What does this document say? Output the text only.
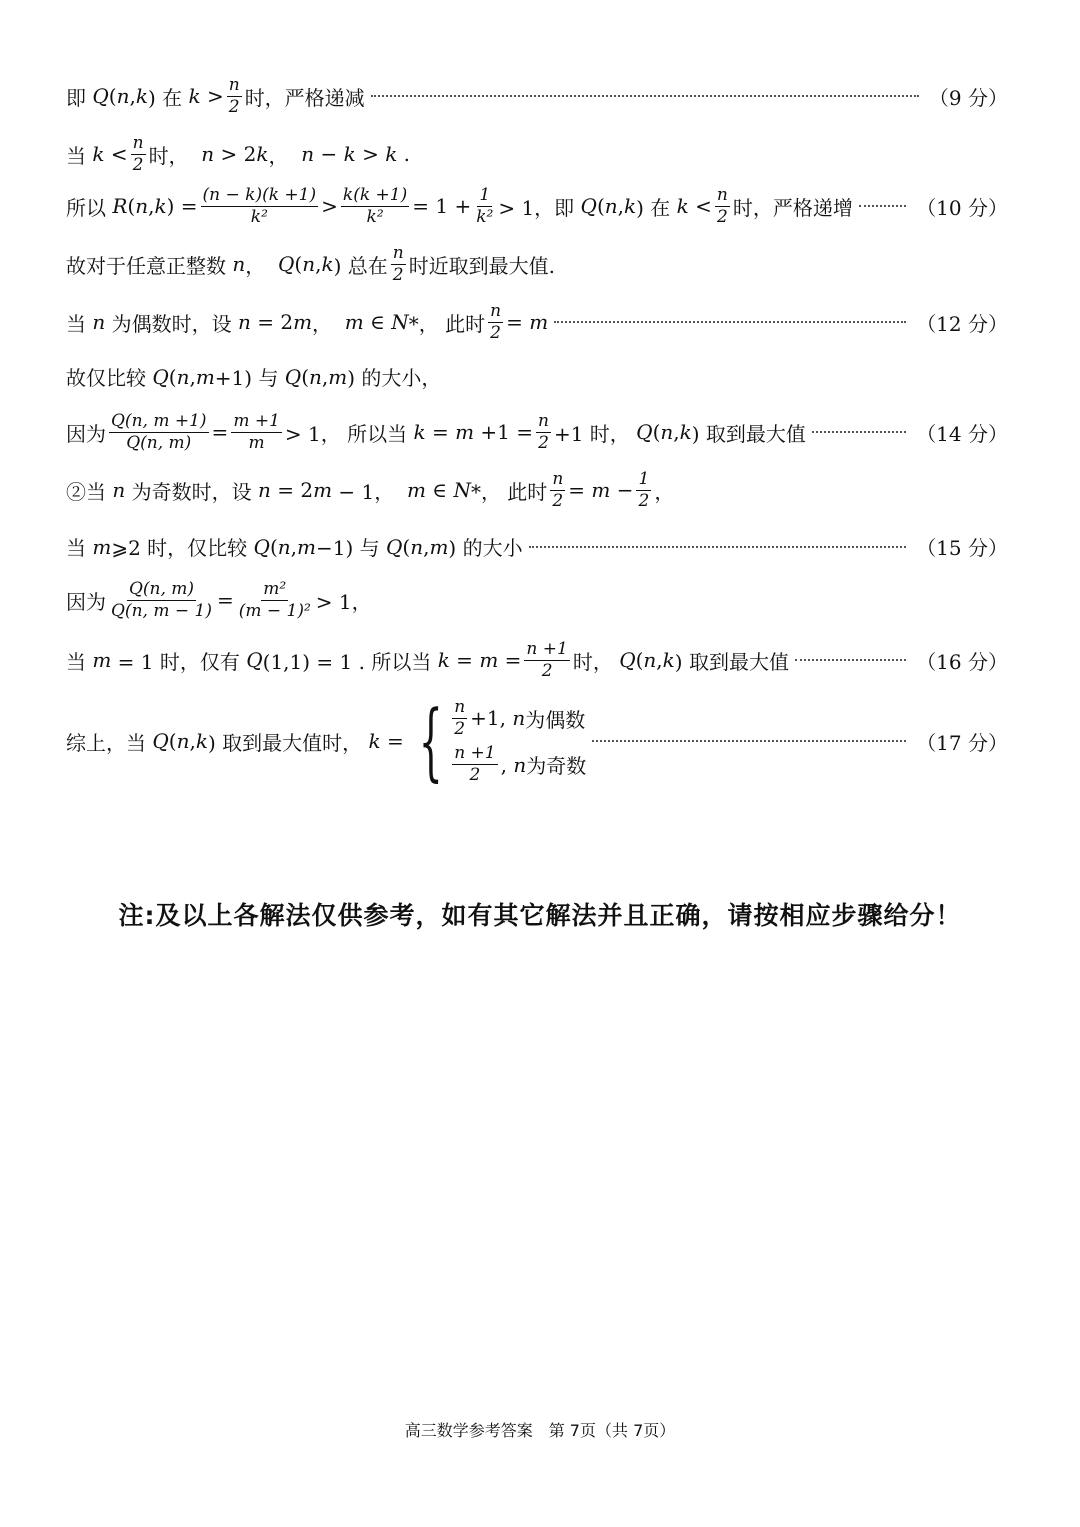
即 Q ( n , k ) 在 $k > \frac{n}{2}$ 时，严格递减	（9 分）
当 $k < \frac{n}{2}$ 时， n > 2 k ， n − k > k .
所以 R ( n , k ) = $\frac{(n - k)(k +1)}{\text{k²}} > \frac{k(k +1)}{\text{k²}} = 1 + \frac{1}{\text{k²}} > 1$，即 Q ( n , k ) 在 $k < \frac{n}{2}$ 时，严格递增	（10 分）
故对于任意正整数 n ， Q ( n , k ) 总在 $\frac{n}{2}$ 时近取到最大值.
当 n 为偶数时，设 n = 2 m ， m ∈ N *， 此时 $\frac{n}{2} = m$	（12 分）
故仅比较 Q ( n , m +1) 与 Q ( n , m ) 的大小，
因为 $\frac{Q(n, m +1)}{Q(n, m)} = \frac{m +1}{m} > 1$， 所以当 $k = m +1 = \frac{n}{2} +1$ 时， Q ( n , k ) 取到最大值	（14 分）
②当 n 为奇数时，设 n = 2 m − 1， m ∈ N *， 此时 $\frac{n}{2} = m - \frac{1}{2}$ ，
当 m ⩾2 时，仅比较 Q ( n , m −1) 与 Q ( n , m ) 的大小	（15 分）
因为 $\frac{Q(n, m)}{Q(n, m - 1)} = \frac{\text{m²}}{\text{(m − 1)²}} > 1$，
当 m = 1 时，仅有 Q (1,1) = 1 . 所以当 $k = m = \frac{n +1}{2}$ 时， Q ( n , k ) 取到最大值	（16 分）
综上，当 Q ( n , k ) 取到最大值时， k = { $\frac{n}{2} +1$, n 为偶数
$\frac{n +1}{2}$ , n 为奇数
（17 分）
注:及以上各解法仅供参考，如有其它解法并且正确，请按相应步骤给分！
高三数学参考答案　第 7页（共 7页）
